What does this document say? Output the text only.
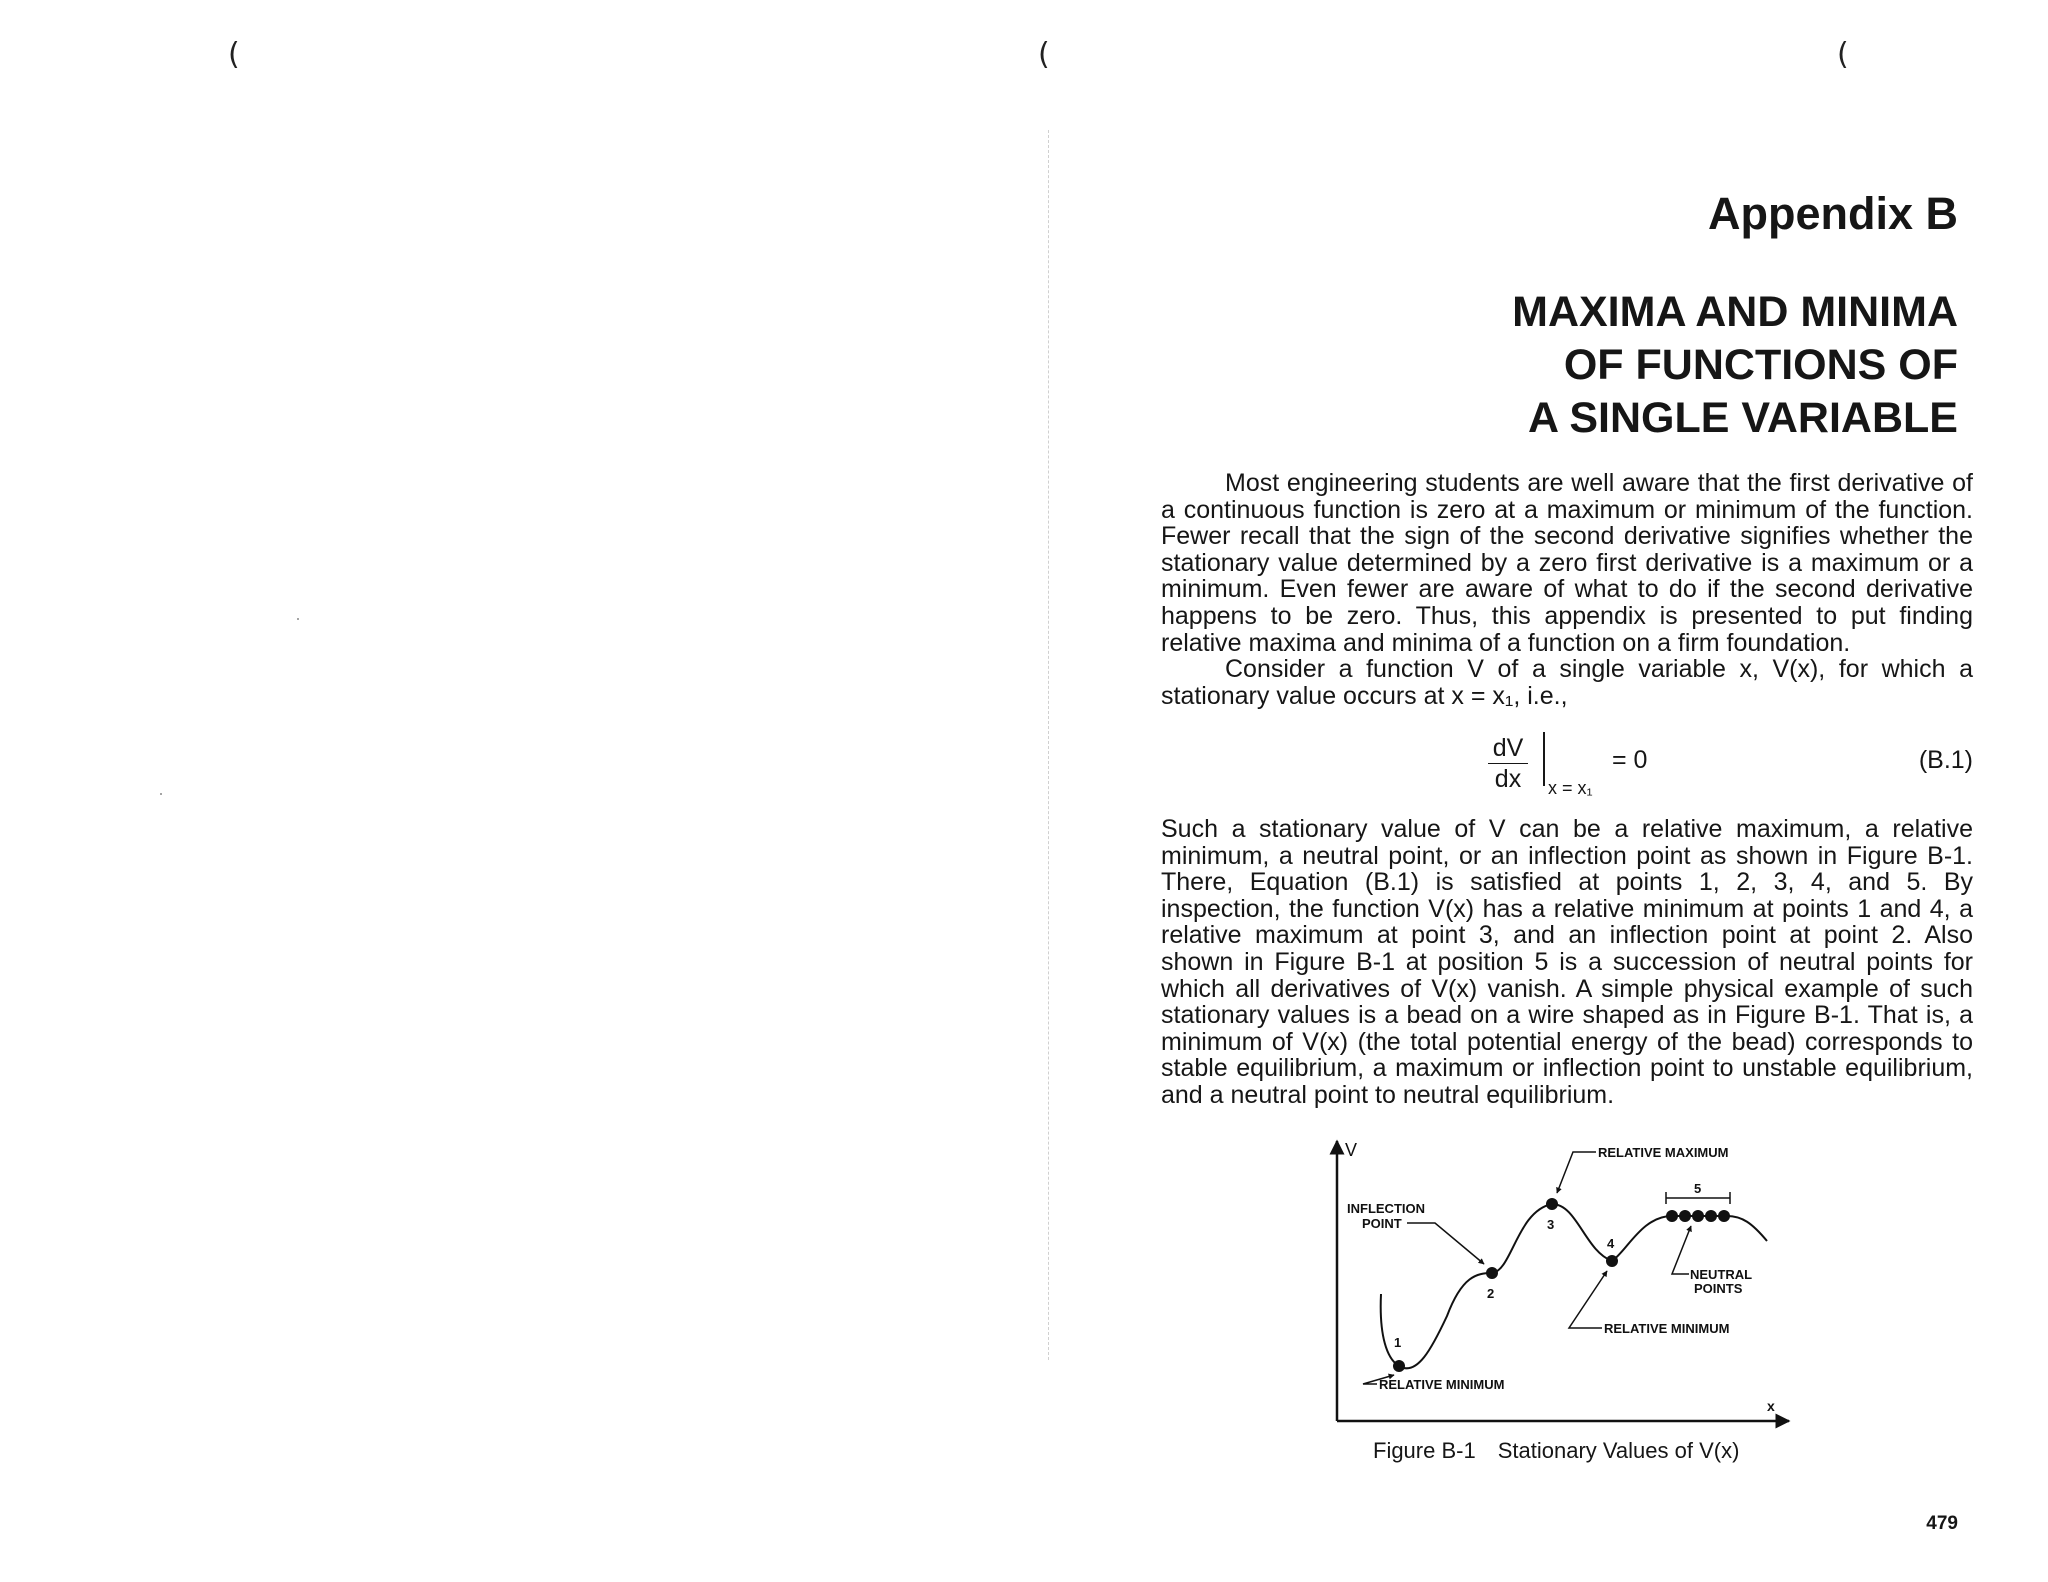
(	(	(
Appendix B
MAXIMA AND MINIMA
OF FUNCTIONS OF
A SINGLE VARIABLE

Most engineering students are well aware that the first derivative of a continuous function is zero at a maximum or minimum of the function. Fewer recall that the sign of the second derivative signifies whether the stationary value determined by a zero first derivative is a maximum or a minimum. Even fewer are aware of what to do if the second derivative happens to be zero. Thus, this appendix is presented to put finding relative maxima and minima of a function on a firm foundation.

Consider a function V of a single variable x, V(x), for which a stationary value occurs at x = x₁, i.e.,

dV
dx	x = x₁
= 0	(B.1)

Such a stationary value of V can be a relative maximum, a relative minimum, a neutral point, or an inflection point as shown in Figure B-1. There, Equation (B.1) is satisfied at points 1, 2, 3, 4, and 5. By inspection, the function V(x) has a relative minimum at points 1 and 4, a relative maximum at point 3, and an inflection point at point 2. Also shown in Figure B-1 at position 5 is a succession of neutral points for which all derivatives of V(x) vanish. A simple physical example of such stationary values is a bead on a wire shaped as in Figure B-1. That is, a minimum of V(x) (the total potential energy of the bead) corresponds to stable equilibrium, a maximum or inflection point to unstable equilibrium, and a neutral point to neutral equilibrium.

V
x
1
2
3
4
5
RELATIVE MAXIMUM
INFLECTION
POINT
NEUTRAL
POINTS
RELATIVE MINIMUM
RELATIVE MINIMUM
Figure B-1 Stationary Values of V(x)
479
